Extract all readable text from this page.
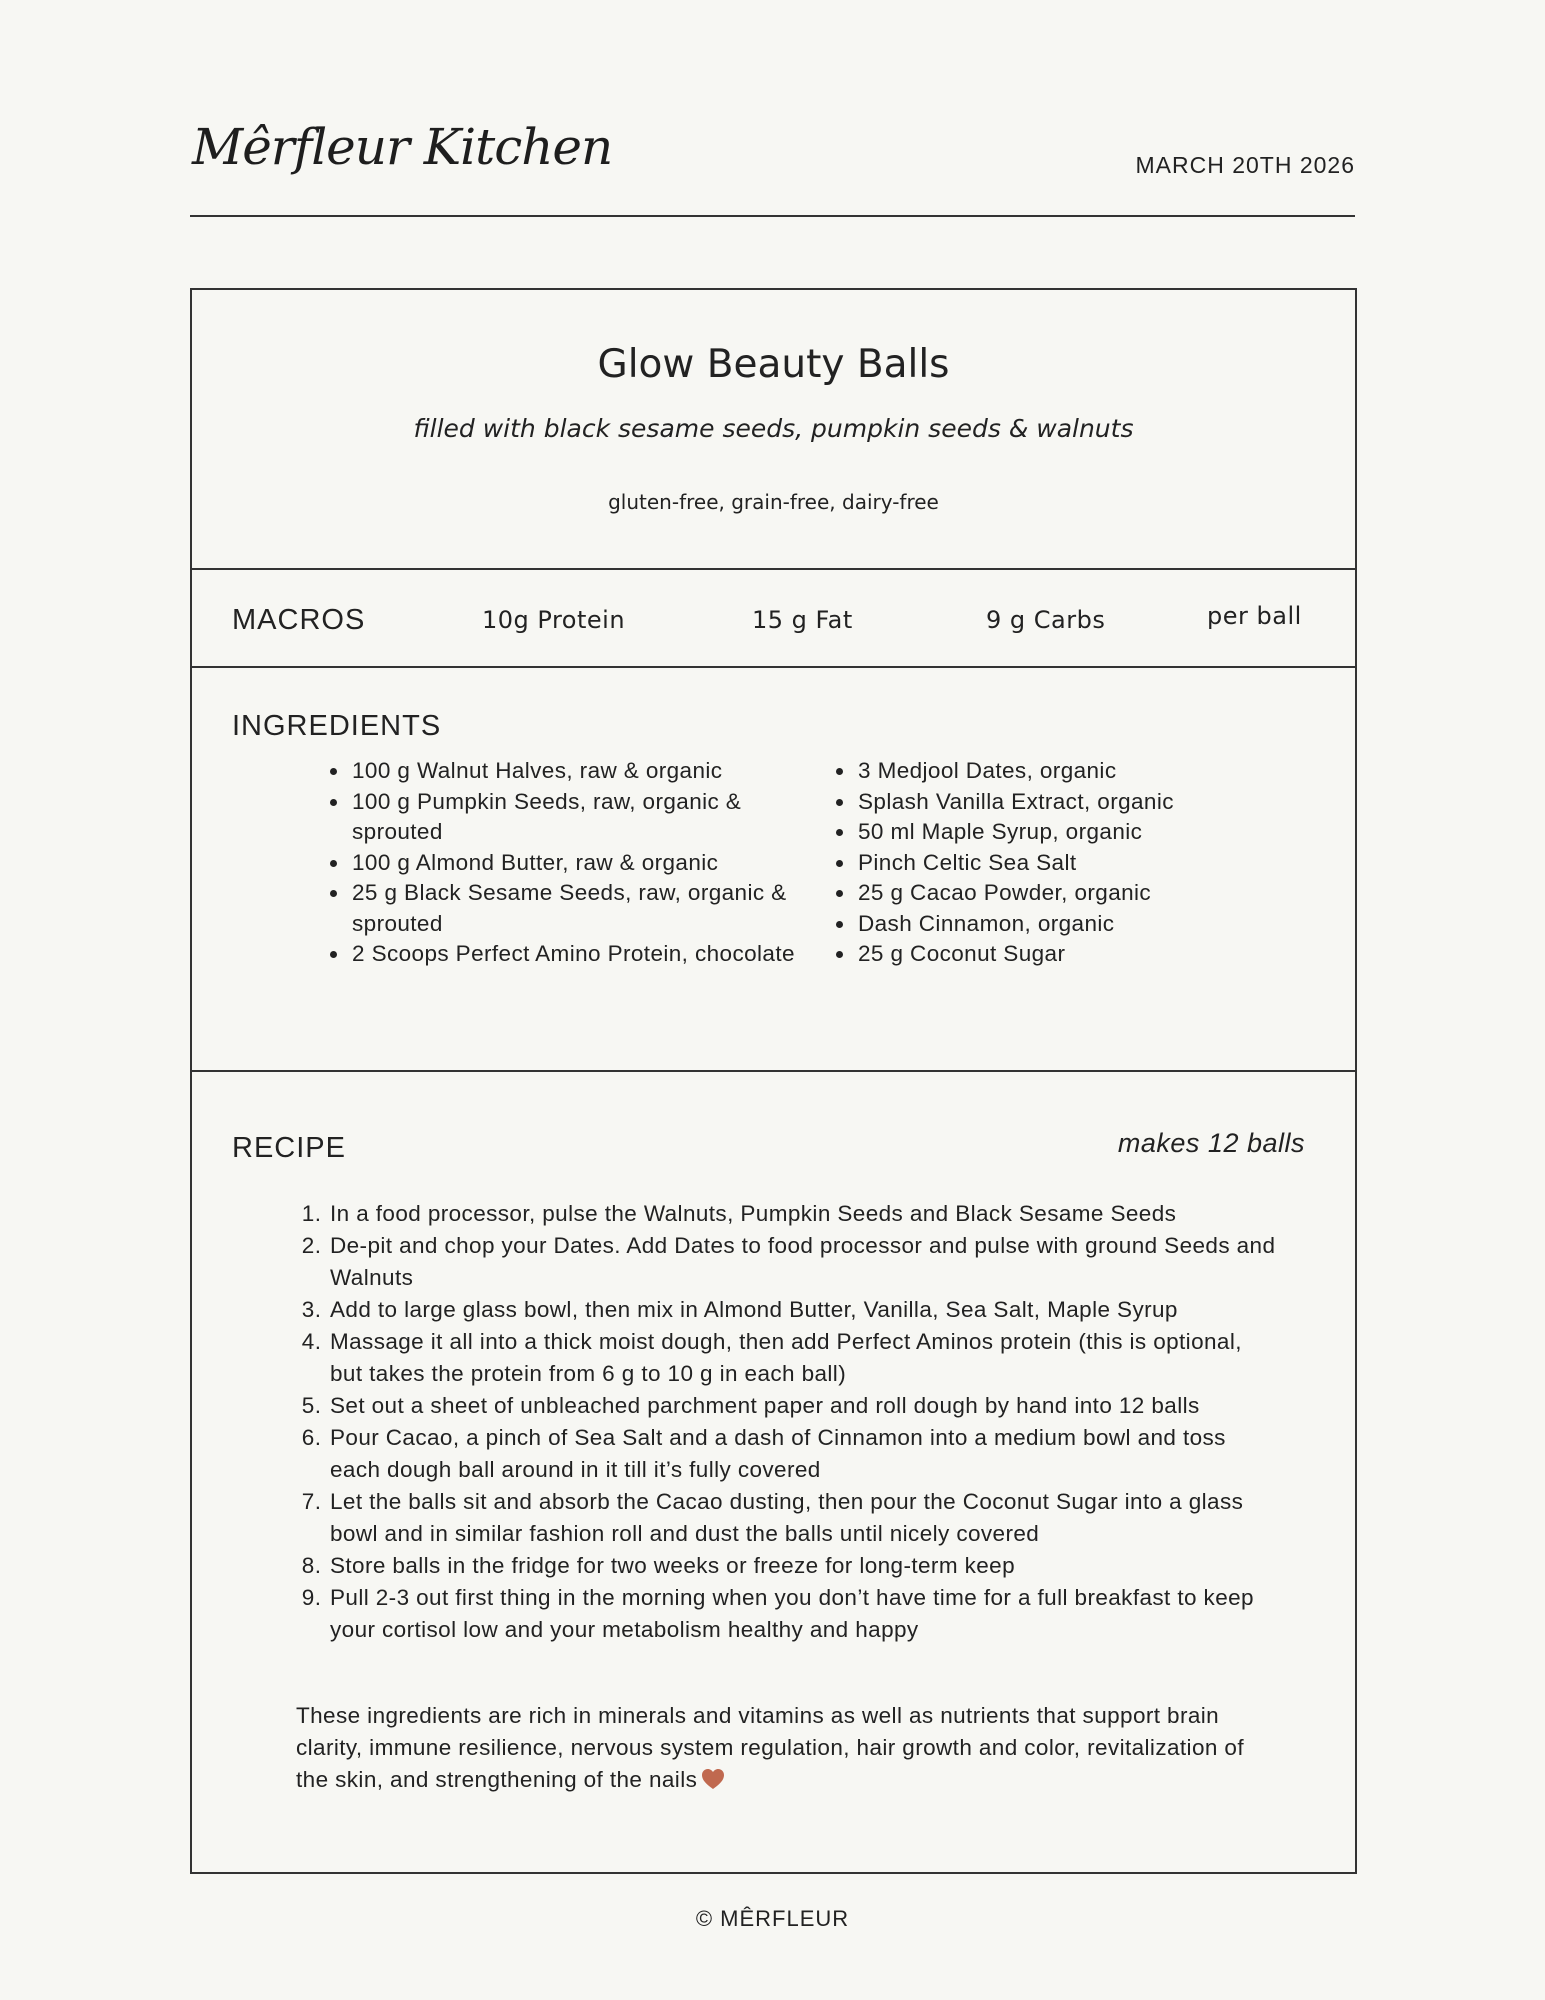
Mêrfleur Kitchen	MARCH 20TH 2026
Glow Beauty Balls
filled with black sesame seeds, pumpkin seeds & walnuts
gluten-free, grain-free, dairy-free
MACROS	10g Protein	15 g Fat	9 g Carbs	per ball
INGREDIENTS
• 100 g Walnut Halves, raw & organic
• 100 g Pumpkin Seeds, raw, organic & sprouted
• 100 g Almond Butter, raw & organic
• 25 g Black Sesame Seeds, raw, organic & sprouted
• 2 Scoops Perfect Amino Protein, chocolate
• 3 Medjool Dates, organic
• Splash Vanilla Extract, organic
• 50 ml Maple Syrup, organic
• Pinch Celtic Sea Salt
• 25 g Cacao Powder, organic
• Dash Cinnamon, organic
• 25 g Coconut Sugar
RECIPE	makes 12 balls
1. In a food processor, pulse the Walnuts, Pumpkin Seeds and Black Sesame Seeds
2. De-pit and chop your Dates. Add Dates to food processor and pulse with ground Seeds and Walnuts
3. Add to large glass bowl, then mix in Almond Butter, Vanilla, Sea Salt, Maple Syrup
4. Massage it all into a thick moist dough, then add Perfect Aminos protein (this is optional, but takes the protein from 6 g to 10 g in each ball)
5. Set out a sheet of unbleached parchment paper and roll dough by hand into 12 balls
6. Pour Cacao, a pinch of Sea Salt and a dash of Cinnamon into a medium bowl and toss each dough ball around in it till it’s fully covered
7. Let the balls sit and absorb the Cacao dusting, then pour the Coconut Sugar into a glass bowl and in similar fashion roll and dust the balls until nicely covered
8. Store balls in the fridge for two weeks or freeze for long-term keep
9. Pull 2-3 out first thing in the morning when you don’t have time for a full breakfast to keep your cortisol low and your metabolism healthy and happy

These ingredients are rich in minerals and vitamins as well as nutrients that support brain clarity, immune resilience, nervous system regulation, hair growth and color, revitalization of the skin, and strengthening of the nails

© MÊRFLEUR
